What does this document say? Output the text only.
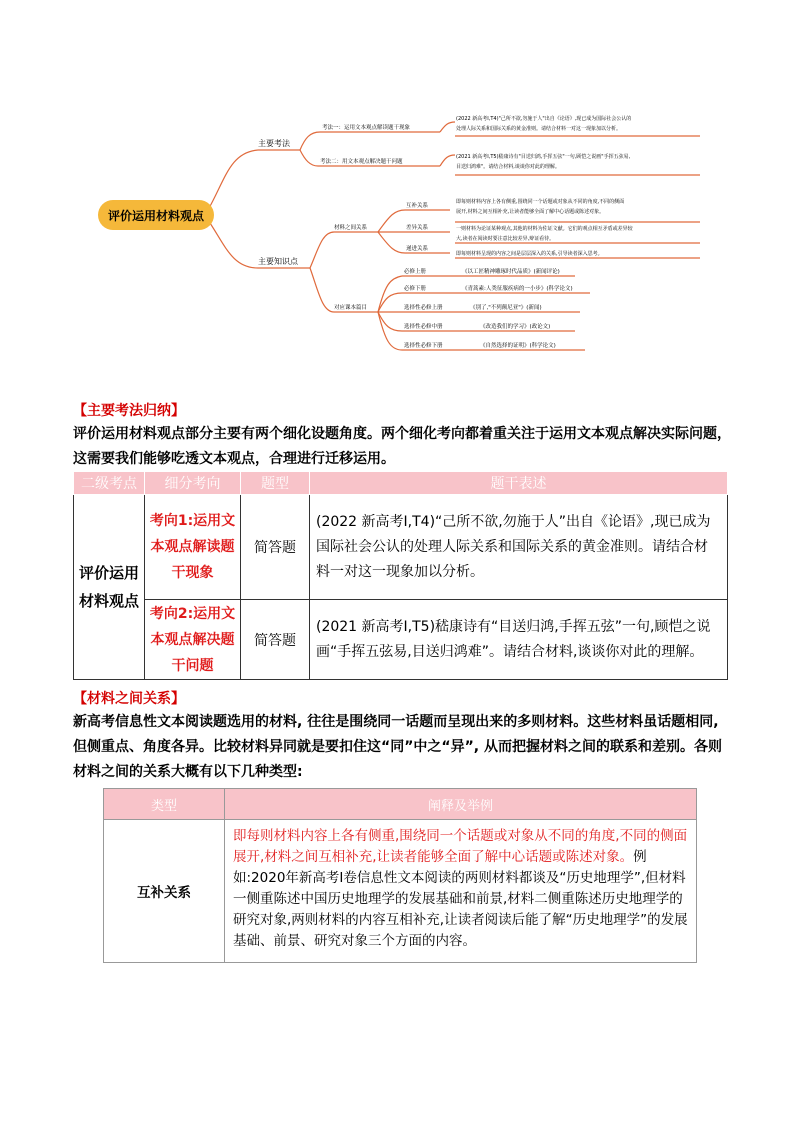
评价运用材料观点
主要考法
主要知识点
考法一：运用文本观点解读题干现象
考法二：用文本观点解决题干问题
(2022 新高考Ⅰ,T4)"己所不欲,勿施于人"出自《论语》,现已成为国际社会公认的
处理人际关系和国际关系的黄金准则。请结合材料一对这一现象加以分析。
(2021 新高考Ⅰ,T5)嵇康诗有"目送归鸿,手挥五弦"一句,顾恺之说画"手挥五弦易,
目送归鸿难"。请结合材料,谈谈你对此的理解。
材料之间关系
对应课本篇目
互补关系
差异关系
递进关系
即每则材料内容上各有侧重,围绕同一个话题或对象从不同的角度,不同的侧面
展开,材料之间互相补充,让读者能够全面了解中心话题或陈述对象。
一则材料为论证某种观点,其他的材料为佐证文献。它们的观点相互矛盾或差异较
大,读者在阅读时要注意比较差异,辩证看待。
即每则材料呈现的内容之间是层层深入的关系,引导读者深入思考。
必修上册	《以工匠精神雕琢时代品质》(新闻评论)
必修下册	《青蒿素:人类征服疾病的一小步》(科学论文)
选择性必修上册	《别了,"不列颠尼亚"》(新闻)
选择性必修中册	《改造我们的学习》(政论文)
选择性必修下册	《自然选择的证明》(科学论文)
【主要考法归纳】
评价运用材料观点部分主要有两个细化设题角度。两个细化考向都着重关注于运用文本观点解决实际问题，这需要我们能够吃透文本观点，合理进行迁移运用。
二级考点	细分考向	题型	题干表述
评价运用材料观点	考向1:运用文本观点解读题干现象	简答题	(2022 新高考Ⅰ,T4)“己所不欲,勿施于人”出自《论语》,现已成为国际社会公认的处理人际关系和国际关系的黄金准则。请结合材料一对这一现象加以分析。
	考向2:运用文本观点解决题干问题	简答题	(2021 新高考Ⅰ,T5)嵇康诗有“目送归鸿,手挥五弦”一句,顾恺之说画“手挥五弦易,目送归鸿难”。请结合材料,谈谈你对此的理解。
【材料之间关系】
新高考信息性文本阅读题选用的材料, 往往是围绕同一话题而呈现出来的多则材料。这些材料虽话题相同, 但侧重点、角度各异。比较材料异同就是要扣住这“同”中之“异”, 从而把握材料之间的联系和差别。各则材料之间的关系大概有以下几种类型:
类型	阐释及举例
互补关系	即每则材料内容上各有侧重,围绕同一个话题或对象从不同的角度,不同的侧面展开,材料之间互相补充,让读者能够全面了解中心话题或陈述对象。例如:2020年新高考Ⅰ卷信息性文本阅读的两则材料都谈及“历史地理学”,但材料一侧重陈述中国历史地理学的发展基础和前景,材料二侧重陈述历史地理学的研究对象,两则材料的内容互相补充,让读者阅读后能了解“历史地理学”的发展基础、前景、研究对象三个方面的内容。
